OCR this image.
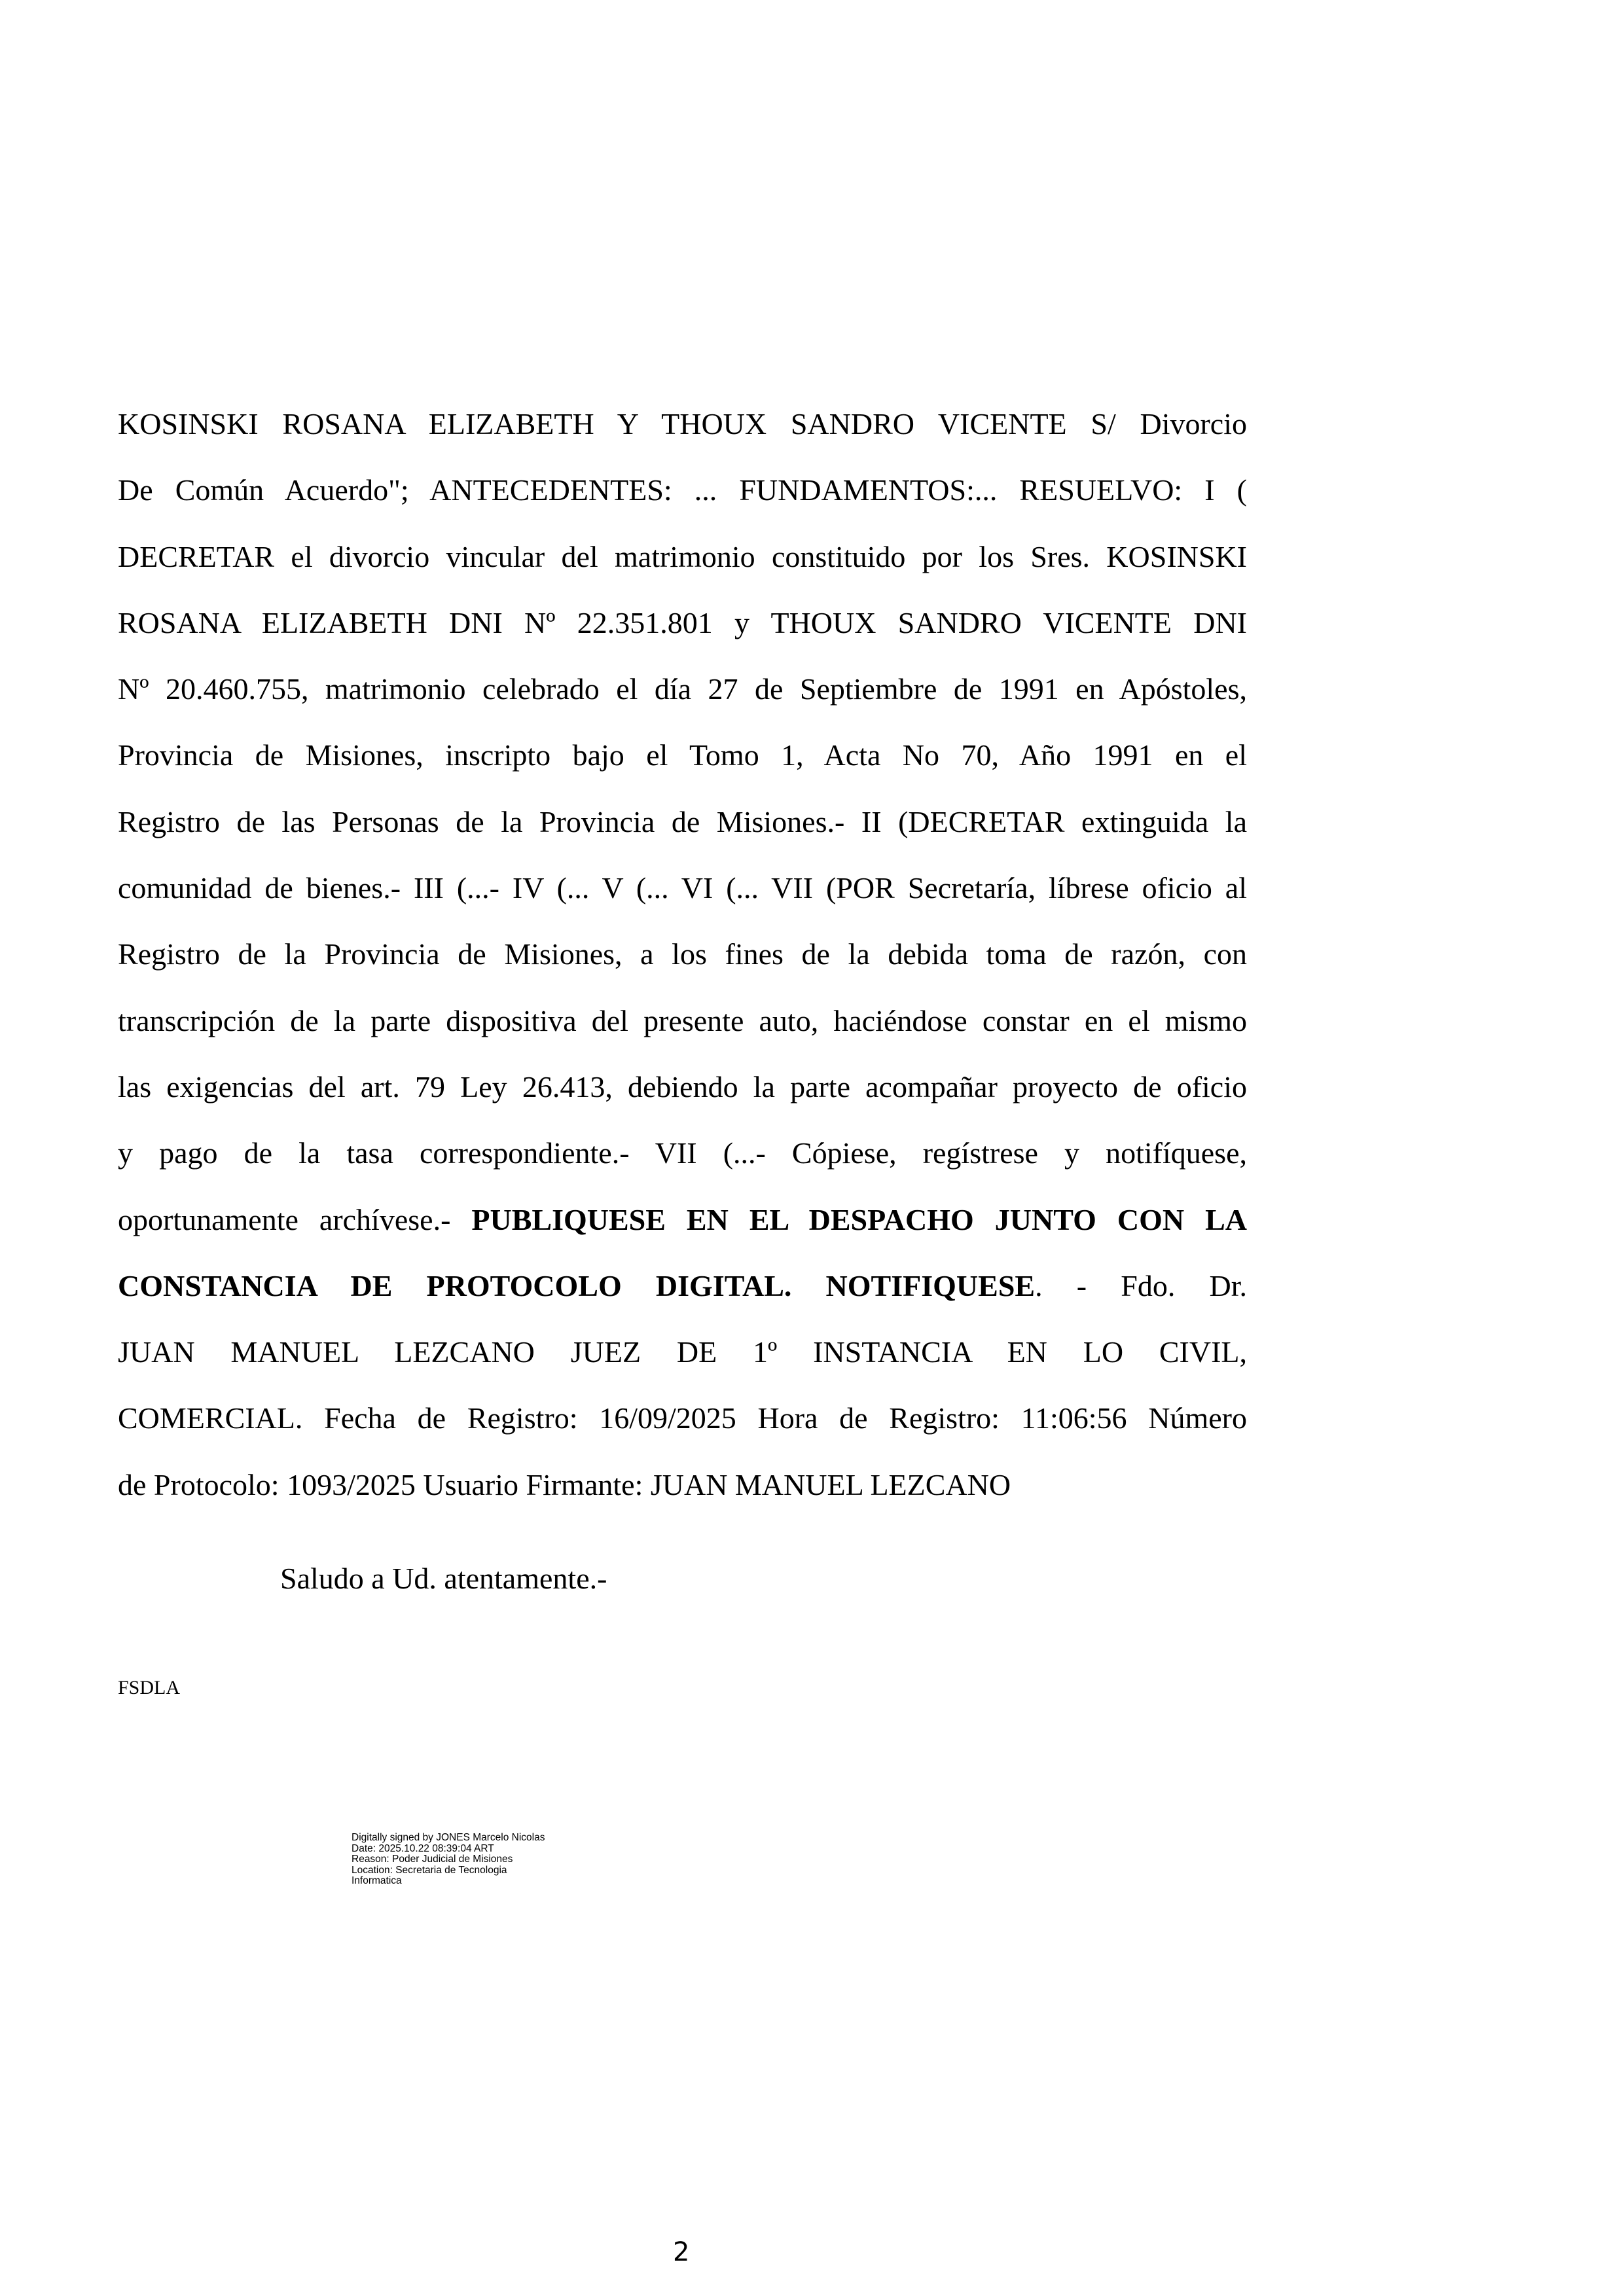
KOSINSKI ROSANA ELIZABETH Y THOUX SANDRO VICENTE S/ Divorcio
De Común Acuerdo"; ANTECEDENTES: ... FUNDAMENTOS:... RESUELVO: I (
DECRETAR el divorcio vincular del matrimonio constituido por los Sres. KOSINSKI
ROSANA ELIZABETH DNI Nº 22.351.801 y THOUX SANDRO VICENTE DNI
Nº 20.460.755, matrimonio celebrado el día 27 de Septiembre de 1991 en Apóstoles,
Provincia de Misiones, inscripto bajo el Tomo 1, Acta No 70, Año 1991 en el
Registro de las Personas de la Provincia de Misiones.- II (DECRETAR extinguida la
comunidad de bienes.- III (...- IV (... V (... VI (... VII (POR Secretaría, líbrese oficio al
Registro de la Provincia de Misiones, a los fines de la debida toma de razón, con
transcripción de la parte dispositiva del presente auto, haciéndose constar en el mismo
las exigencias del art. 79 Ley 26.413, debiendo la parte acompañar proyecto de oficio
y pago de la tasa correspondiente.- VII (...- Cópiese, regístrese y notifíquese,
oportunamente archívese.- PUBLIQUESE EN EL DESPACHO JUNTO CON LA
CONSTANCIA DE PROTOCOLO DIGITAL. NOTIFIQUESE. - Fdo. Dr.
JUAN MANUEL LEZCANO JUEZ DE 1º INSTANCIA EN LO CIVIL,
COMERCIAL. Fecha de Registro: 16/09/2025 Hora de Registro: 11:06:56 Número
de Protocolo: 1093/2025 Usuario Firmante: JUAN MANUEL LEZCANO
Saludo a Ud. atentamente.-
FSDLA
Digitally signed by JONES Marcelo Nicolas
Date: 2025.10.22 08:39:04 ART
Reason: Poder Judicial de Misiones
Location: Secretaria de Tecnologia
Informatica
2
